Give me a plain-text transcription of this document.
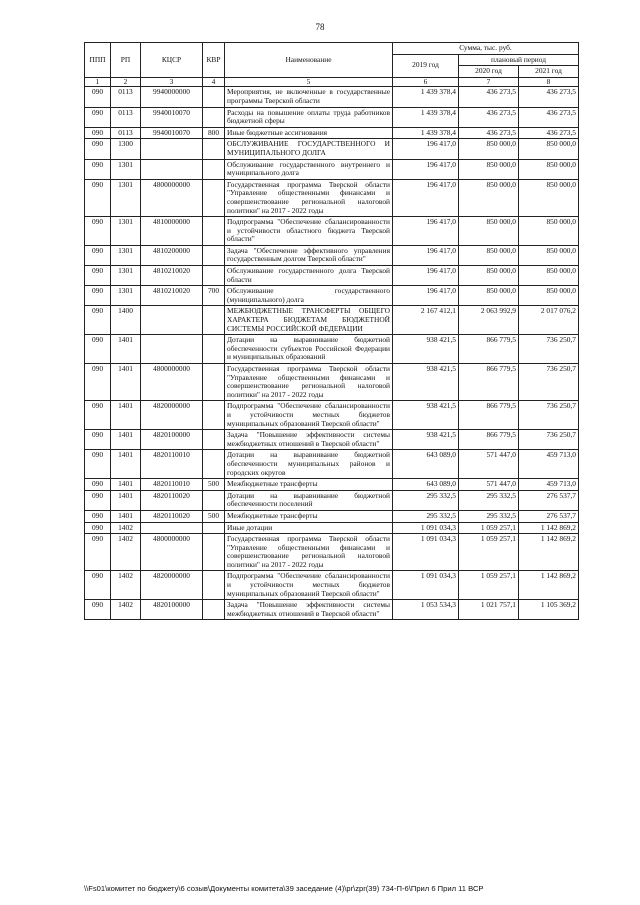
78
ППП	РП	КЦСР	КВР	Наименование	Сумма, тыс. руб.		
					2019 год	плановый период	
						2020 год	2021 год
1	2	3	4	5	6	7	8
090	0113	9940000000		Мероприятия, не включенные в государственные программы Тверской области	1 439 378,4	436 273,5	436 273,5
090	0113	9940010070		Расходы на повышение оплаты труда работников бюджетной сферы	1 439 378,4	436 273,5	436 273,5
090	0113	9940010070	800	Иные бюджетные ассигнования	1 439 378,4	436 273,5	436 273,5
090	1300			ОБСЛУЖИВАНИЕ ГОСУДАРСТВЕННОГО И МУНИЦИПАЛЬНОГО ДОЛГА	196 417,0	850 000,0	850 000,0
090	1301			Обслуживание государственного внутреннего и муниципального долга	196 417,0	850 000,0	850 000,0
090	1301	4800000000		Государственная программа Тверской области "Управление общественными финансами и совершенствование региональной налоговой политики" на 2017 - 2022 годы	196 417,0	850 000,0	850 000,0
090	1301	4810000000		Подпрограмма "Обеспечение сбалансированности и устойчивости областного бюджета Тверской области"	196 417,0	850 000,0	850 000,0
090	1301	4810200000		Задача "Обеспечение эффективного управления государственным долгом Тверской области"	196 417,0	850 000,0	850 000,0
090	1301	4810210020		Обслуживание государственного долга Тверской области	196 417,0	850 000,0	850 000,0
090	1301	4810210020	700	Обслуживание государственного (муниципального) долга	196 417,0	850 000,0	850 000,0
090	1400			МЕЖБЮДЖЕТНЫЕ ТРАНСФЕРТЫ ОБЩЕГО ХАРАКТЕРА БЮДЖЕТАМ БЮДЖЕТНОЙ СИСТЕМЫ РОССИЙСКОЙ ФЕДЕРАЦИИ	2 167 412,1	2 063 992,9	2 017 076,2
090	1401			Дотации на выравнивание бюджетной обеспеченности субъектов Российской Федерации и муниципальных образований	938 421,5	866 779,5	736 250,7
090	1401	4800000000		Государственная программа Тверской области "Управление общественными финансами и совершенствование региональной налоговой политики" на 2017 - 2022 годы	938 421,5	866 779,5	736 250,7
090	1401	4820000000		Подпрограмма "Обеспечение сбалансированности и устойчивости местных бюджетов муниципальных образований Тверской области"	938 421,5	866 779,5	736 250,7
090	1401	4820100000		Задача "Повышение эффективности системы межбюджетных отношений в Тверской области"	938 421,5	866 779,5	736 250,7
090	1401	4820110010		Дотации на выравнивание бюджетной обеспеченности муниципальных районов и городских округов	643 089,0	571 447,0	459 713,0
090	1401	4820110010	500	Межбюджетные трансферты	643 089,0	571 447,0	459 713,0
090	1401	4820110020		Дотации на выравнивание бюджетной обеспеченности поселений	295 332,5	295 332,5	276 537,7
090	1401	4820110020	500	Межбюджетные трансферты	295 332,5	295 332,5	276 537,7
090	1402			Иные дотации	1 091 034,3	1 059 257,1	1 142 869,2
090	1402	4800000000		Государственная программа Тверской области "Управление общественными финансами и совершенствование региональной налоговой политики" на 2017 - 2022 годы	1 091 034,3	1 059 257,1	1 142 869,2
090	1402	4820000000		Подпрограмма "Обеспечение сбалансированности и устойчивости местных бюджетов муниципальных образований Тверской области"	1 091 034,3	1 059 257,1	1 142 869,2
090	1402	4820100000		Задача "Повышение эффективности системы межбюджетных отношений в Тверской области"	1 053 534,3	1 021 757,1	1 105 369,2
\\Fs01\комитет по бюджету\6 созыв\Документы комитета\39 заседание (4)\pr\zpr(39) 734-П-6\Прил 6 Прил 11 ВСР
